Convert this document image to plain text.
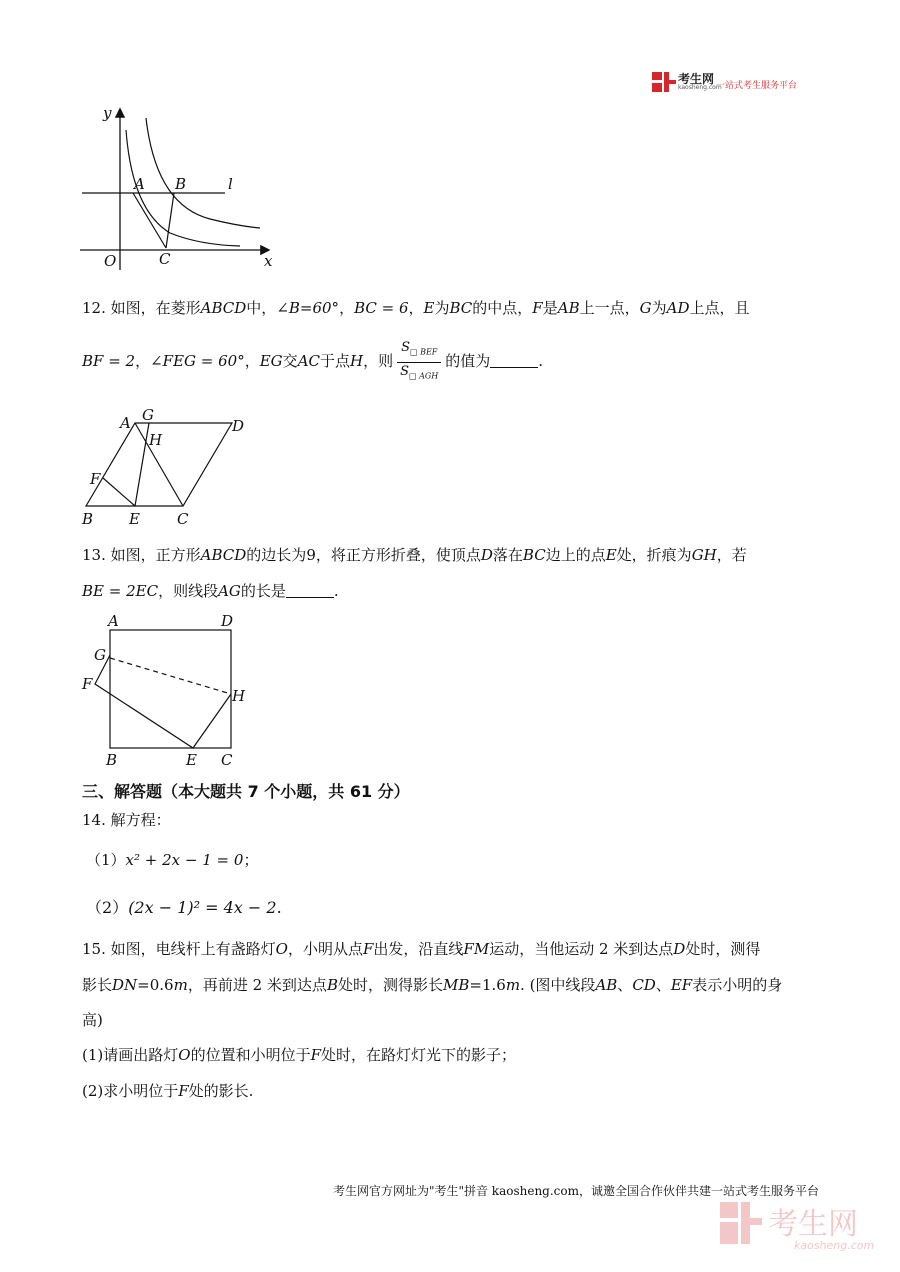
考生网
kaosheng.com
一站式考生服务平台
y
x
O
A B
C
l
12. 如图，在菱形ABCD中，∠B=60°，BC = 6，E为BC的中点，F是AB上一点，G为AD上点，且
BF = 2，∠FEG = 60°，EG交AC于点H，则 $\frac{S_{□ BEF}}{S_{□ AGH}}$ 的值为	.
A G
D
H
F
B E C
13. 如图，正方形ABCD的边长为9，将正方形折叠，使顶点D落在BC边上的点E处，折痕为GH，若
BE = 2EC，则线段AG的长是	.
A	D
G
F
H
B	E C
三、解答题（本大题共 7 个小题，共 61 分）
14. 解方程：
（1）x² + 2x − 1 = 0；
（2）(2x − 1)² = 4x − 2.
15. 如图，电线杆上有盏路灯O，小明从点F出发，沿直线FM运动，当他运动 2 米到达点D处时，测得
影长DN=0.6m，再前进 2 米到达点B处时，测得影长MB=1.6m. (图中线段AB、CD、EF表示小明的身
高)
(1)请画出路灯O的位置和小明位于F处时，在路灯灯光下的影子；
(2)求小明位于F处的影长.
考生网官方网址为"考生"拼音 kaosheng.com，诚邀全国合作伙伴共建一站式考生服务平台
考生网
kaosheng.com
